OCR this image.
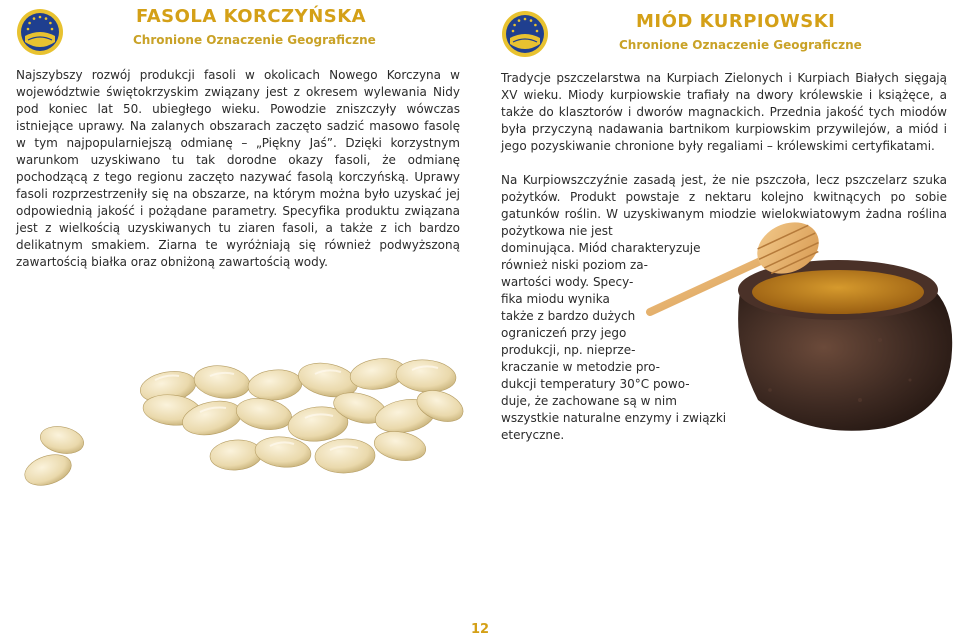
FASOLA KORCZYŃSKA
Chronione Oznaczenie Geograficzne

Najszybszy rozwój produkcji fasoli w okolicach Nowego Korczyna w województwie świętokrzyskim związany jest z okresem wylewania Nidy pod koniec lat 50. ubiegłego wieku. Powodzie zniszczyły wówczas istniejące uprawy. Na zalanych obszarach zaczęto sadzić masowo fasolę w tym najpopularniejszą odmianę – „Piękny Jaś”. Dzięki korzystnym warunkom uzyskiwano tu tak dorodne okazy fasoli, że odmianę pochodzącą z tego regionu zaczęto nazywać fasolą korczyńską. Uprawy fasoli rozprzestrzeniły się na obszarze, na którym można było uzyskać jej odpowiednią jakość i pożądane parametry. Specyfika produktu związana jest z wielkością uzyskiwanych tu ziaren fasoli, a także z ich bardzo delikatnym smakiem. Ziarna te wyróżniają się również podwyższoną zawartością białka oraz obniżoną zawartością wody.

MIÓD KURPIOWSKI
Chronione Oznaczenie Geograficzne

Tradycje pszczelarstwa na Kurpiach Zielonych i Kurpiach Białych sięgają XV wieku. Miody kurpiowskie trafiały na dwory królewskie i książęce, a także do klasztorów i dworów magnackich. Przednia jakość tych miodów była przyczyną nadawania bartnikom kurpiowskim przywilejów, a miód i jego pozyskiwanie chronione były regaliami – królewskimi certyfikatami.

Na Kurpiowszczyźnie zasadą jest, że nie pszczoła, lecz pszczelarz szuka pożytków. Produkt powstaje z nektaru kolejno kwitnących po sobie gatunków roślin. W uzyskiwanym miodzie wielokwiatowym żadna roślina pożytkowa nie jest

dominująca. Miód charakteryzuje
również niski poziom za-
wartości wody. Specy-
fika miodu wynika
także z bardzo dużych
ograniczeń przy jego
produkcji, np. nieprze-
kraczanie w metodzie pro-
dukcji temperatury 30°C powo-
duje, że zachowane są w nim
wszystkie naturalne enzymy i związki
eteryczne.
12
